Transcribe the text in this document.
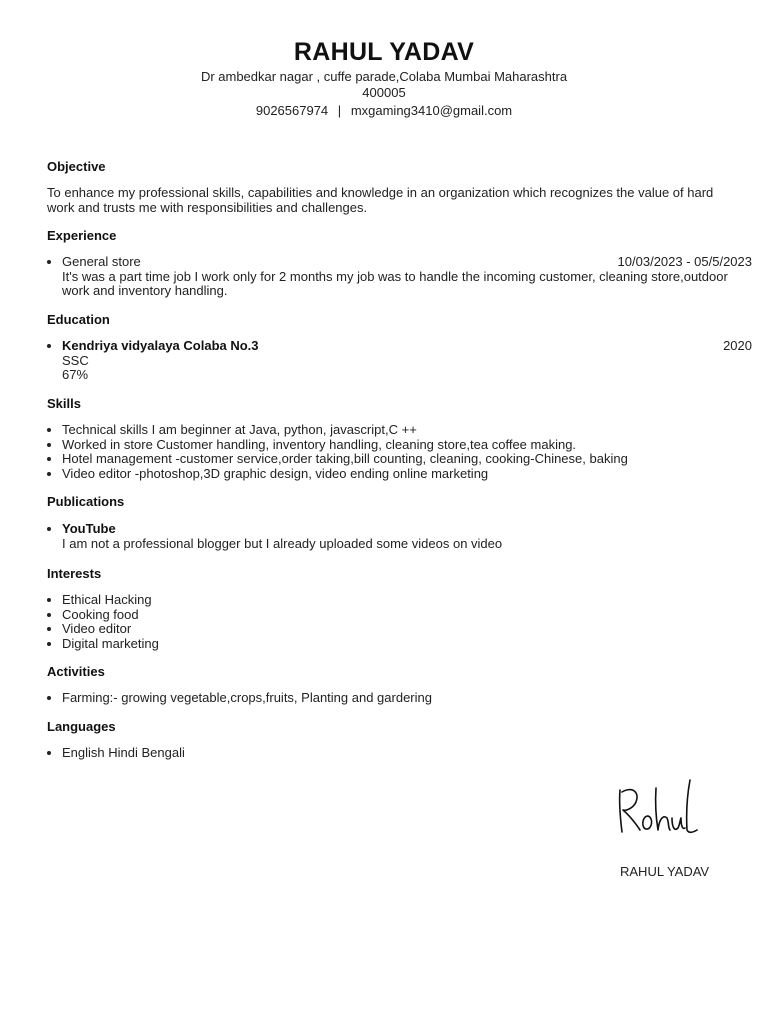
RAHUL YADAV
Dr ambedkar nagar , cuffe parade,Colaba Mumbai Maharashtra
400005
9026567974 | mxgaming3410@gmail.com
Objective
To enhance my professional skills, capabilities and knowledge in an organization which recognizes the value of hard work and trusts me with responsibilities and challenges.
Experience
• General store	10/03/2023 - 05/5/2023
It's was a part time job I work only for 2 months my job was to handle the incoming customer, cleaning store,outdoor work and inventory handling.
Education
• Kendriya vidyalaya Colaba No.3	2020
SSC
67%
Skills
• Technical skills I am beginner at Java, python, javascript,C ++
• Worked in store Customer handling, inventory handling, cleaning store,tea coffee making.
• Hotel management -customer service,order taking,bill counting, cleaning, cooking-Chinese, baking
• Video editor -photoshop,3D graphic design, video ending online marketing
Publications
• YouTube
I am not a professional blogger but I already uploaded some videos on video
Interests
• Ethical Hacking
• Cooking food
• Video editor
• Digital marketing
Activities
• Farming:- growing vegetable,crops,fruits, Planting and gardering
Languages
• English Hindi Bengali
RAHUL YADAV
